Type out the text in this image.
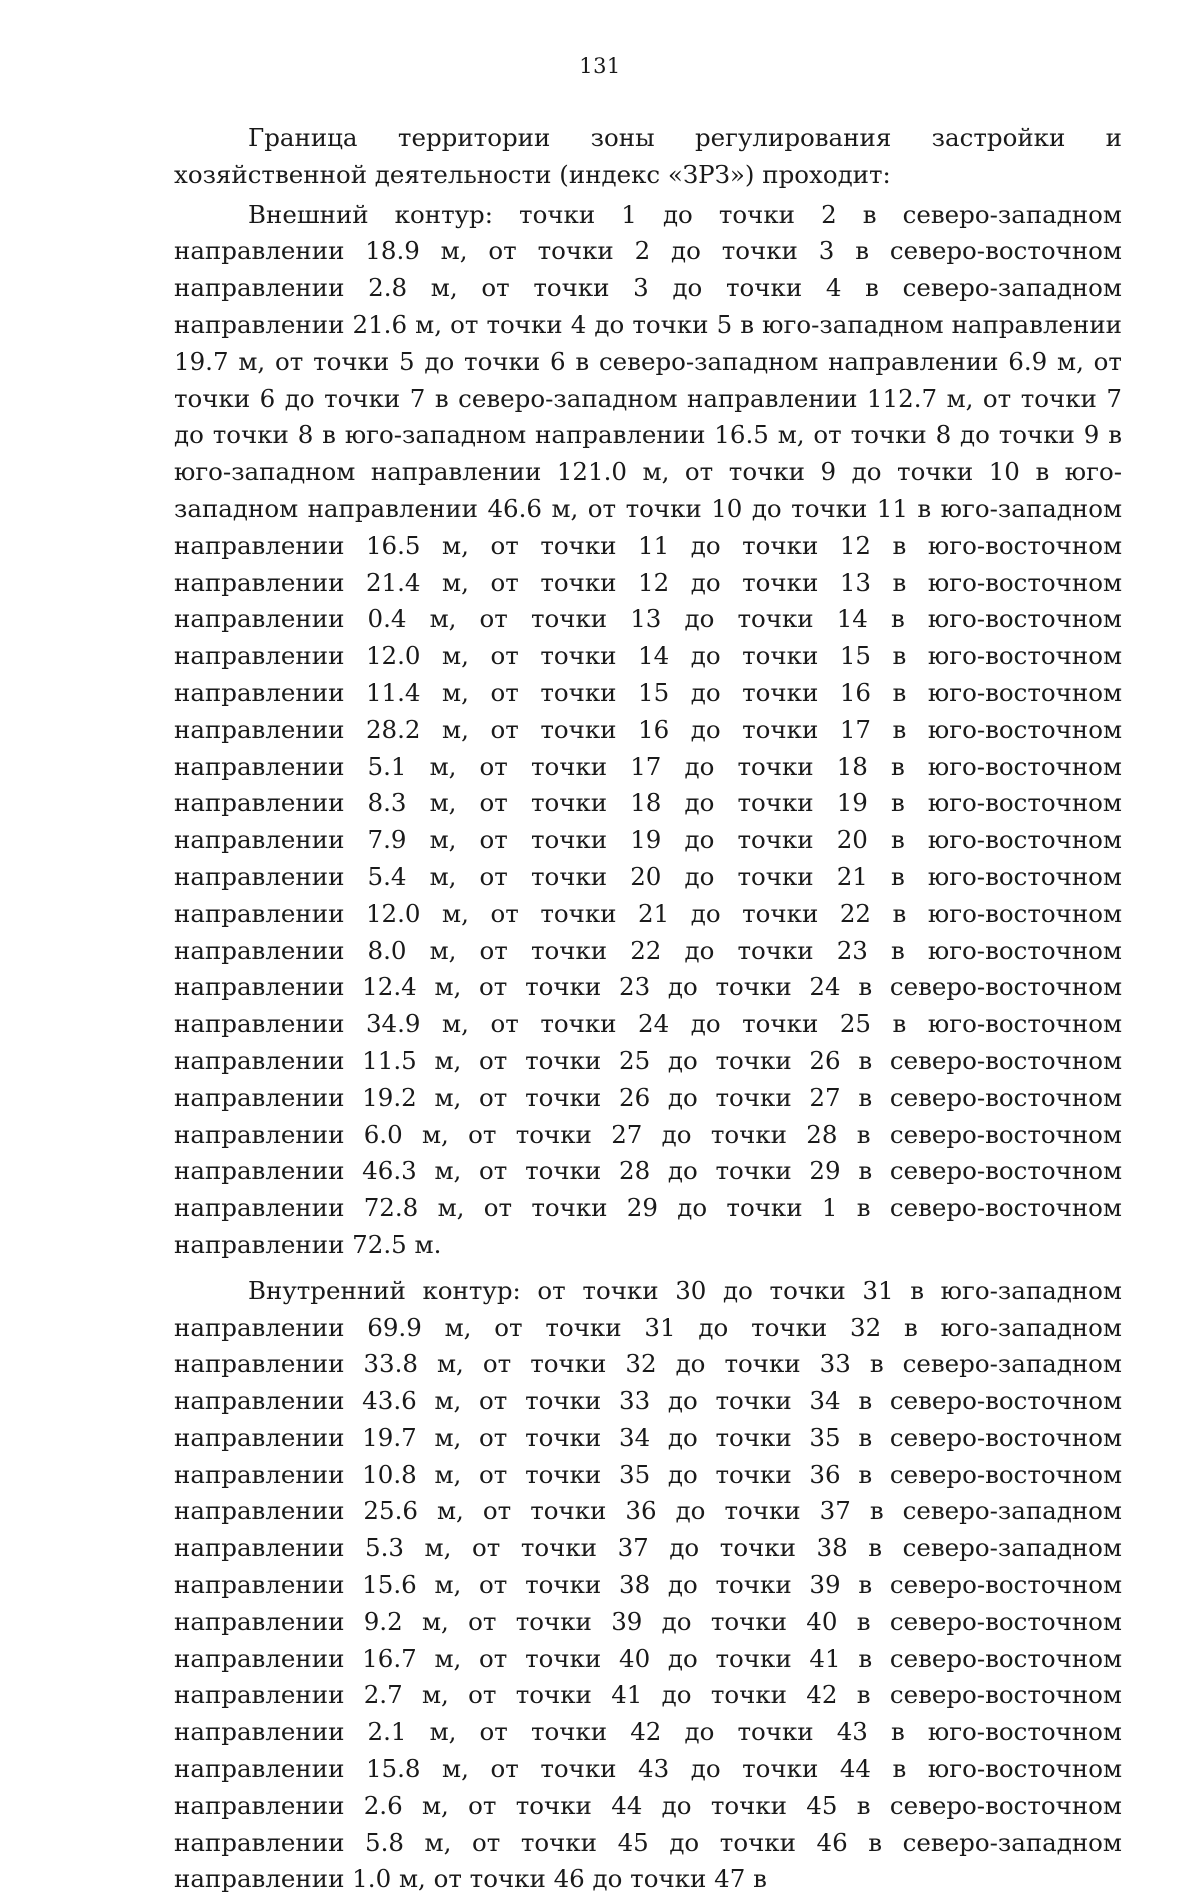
131

Граница территории зоны регулирования застройки и хозяйственной деятельности (индекс «ЗРЗ») проходит:

Внешний контур: точки 1 до точки 2 в северо-западном направлении 18.9 м, от точки 2 до точки 3 в северо-восточном направлении 2.8 м, от точки 3 до точки 4 в северо-западном направлении 21.6 м, от точки 4 до точки 5 в юго-западном направлении 19.7 м, от точки 5 до точки 6 в северо-западном направлении 6.9 м, от точки 6 до точки 7 в северо-западном направлении 112.7 м, от точки 7 до точки 8 в юго-западном направлении 16.5 м, от точки 8 до точки 9 в юго-западном направлении 121.0 м, от точки 9 до точки 10 в юго-западном направлении 46.6 м, от точки 10 до точки 11 в юго-западном направлении 16.5 м, от точки 11 до точки 12 в юго-восточном направлении 21.4 м, от точки 12 до точки 13 в юго-восточном направлении 0.4 м, от точки 13 до точки 14 в юго-восточном направлении 12.0 м, от точки 14 до точки 15 в юго-восточном направлении 11.4 м, от точки 15 до точки 16 в юго-восточном направлении 28.2 м, от точки 16 до точки 17 в юго-восточном направлении 5.1 м, от точки 17 до точки 18 в юго-восточном направлении 8.3 м, от точки 18 до точки 19 в юго-восточном направлении 7.9 м, от точки 19 до точки 20 в юго-восточном направлении 5.4 м, от точки 20 до точки 21 в юго-восточном направлении 12.0 м, от точки 21 до точки 22 в юго-восточном направлении 8.0 м, от точки 22 до точки 23 в юго-восточном направлении 12.4 м, от точки 23 до точки 24 в северо-восточном направлении 34.9 м, от точки 24 до точки 25 в юго-восточном направлении 11.5 м, от точки 25 до точки 26 в северо-восточном направлении 19.2 м, от точки 26 до точки 27 в северо-восточном направлении 6.0 м, от точки 27 до точки 28 в северо-восточном направлении 46.3 м, от точки 28 до точки 29 в северо-восточном направлении 72.8 м, от точки 29 до точки 1 в северо-восточном направлении 72.5 м.

Внутренний контур: от точки 30 до точки 31 в юго-западном направлении 69.9 м, от точки 31 до точки 32 в юго-западном направлении 33.8 м, от точки 32 до точки 33 в северо-западном направлении 43.6 м, от точки 33 до точки 34 в северо-восточном направлении 19.7 м, от точки 34 до точки 35 в северо-восточном направлении 10.8 м, от точки 35 до точки 36 в северо-восточном направлении 25.6 м, от точки 36 до точки 37 в северо-западном направлении 5.3 м, от точки 37 до точки 38 в северо-западном направлении 15.6 м, от точки 38 до точки 39 в северо-восточном направлении 9.2 м, от точки 39 до точки 40 в северо-восточном направлении 16.7 м, от точки 40 до точки 41 в северо-восточном направлении 2.7 м, от точки 41 до точки 42 в северо-восточном направлении 2.1 м, от точки 42 до точки 43 в юго-восточном направлении 15.8 м, от точки 43 до точки 44 в юго-восточном направлении 2.6 м, от точки 44 до точки 45 в северо-восточном направлении 5.8 м, от точки 45 до точки 46 в северо-западном направлении 1.0 м, от точки 46 до точки 47 в
